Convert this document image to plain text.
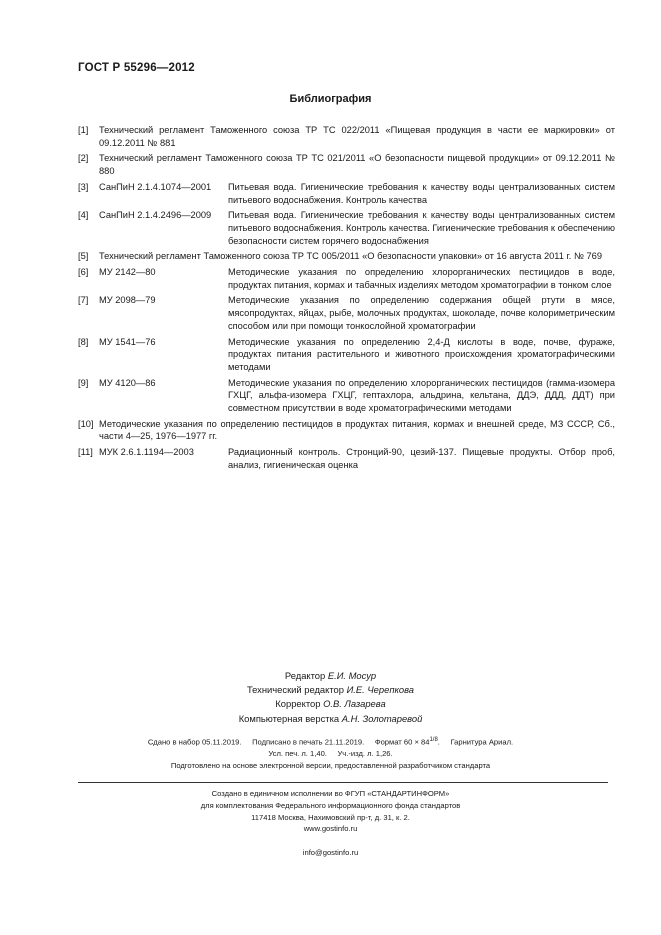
ГОСТ Р 55296—2012
Библиография
[1] Технический регламент Таможенного союза ТР ТС 022/2011 «Пищевая продукция в части ее маркировки» от 09.12.2011 № 881
[2] Технический регламент Таможенного союза ТР ТС 021/2011 «О безопасности пищевой продукции» от 09.12.2011 № 880
[3] СанПиН 2.1.4.1074—2001 Питьевая вода. Гигиенические требования к качеству воды централизованных систем питьевого водоснабжения. Контроль качества
[4] СанПиН 2.1.4.2496—2009 Питьевая вода. Гигиенические требования к качеству воды централизованных систем питьевого водоснабжения. Контроль качества. Гигиенические требования к обеспечению безопасности систем горячего водоснабжения
[5] Технический регламент Таможенного союза ТР ТС 005/2011 «О безопасности упаковки» от 16 августа 2011 г. № 769
[6] МУ 2142—80	Методические указания по определению хлорорганических пестицидов в воде, продуктах питания, кормах и табачных изделиях методом хроматографии в тонком слое
[7] МУ 2098—79	Методические указания по определению содержания общей ртути в мясе, мясопродуктах, яйцах, рыбе, молочных продуктах, шоколаде, почве колориметрическим способом или при помощи тонкослойной хроматографии
[8] МУ 1541—76	Методические указания по определению 2,4-Д кислоты в воде, почве, фураже, продуктах питания растительного и животного происхождения хроматографическими методами
[9] МУ 4120—86	Методические указания по определению хлорорганических пестицидов (гамма-изомера ГХЦГ, альфа-изомера ГХЦГ, гептахлора, альдрина, кельтана, ДДЭ, ДДД, ДДТ) при совместном присутствии в воде хроматографическими методами
[10] Методические указания по определению пестицидов в продуктах питания, кормах и внешней среде, МЗ СССР, Сб., части 4—25, 1976—1977 гг.
[11] МУК 2.6.1.1194—2003	Радиационный контроль. Стронций-90, цезий-137. Пищевые продукты. Отбор проб, анализ, гигиеническая оценка
Редактор Е.И. Мосур
Технический редактор И.Е. Черепкова
Корректор О.В. Лазарева
Компьютерная верстка А.Н. Золотаревой
Сдано в набор 05.11.2019. Подписано в печать 21.11.2019. Формат $60 \times 84^{1/8}$.     Гарнитура Ариал.
Усл. печ. л. 1,40. Уч.-изд. л. 1,26.
Подготовлено на основе электронной версии, предоставленной разработчиком стандарта
Создано в единичном исполнении во ФГУП «СТАНДАРТИНФОРМ»
для комплектования Федерального информационного фонда стандартов
117418 Москва, Нахимовский пр-т, д. 31, к. 2.
www.gostinfo.ru

info@gostinfo.ru
